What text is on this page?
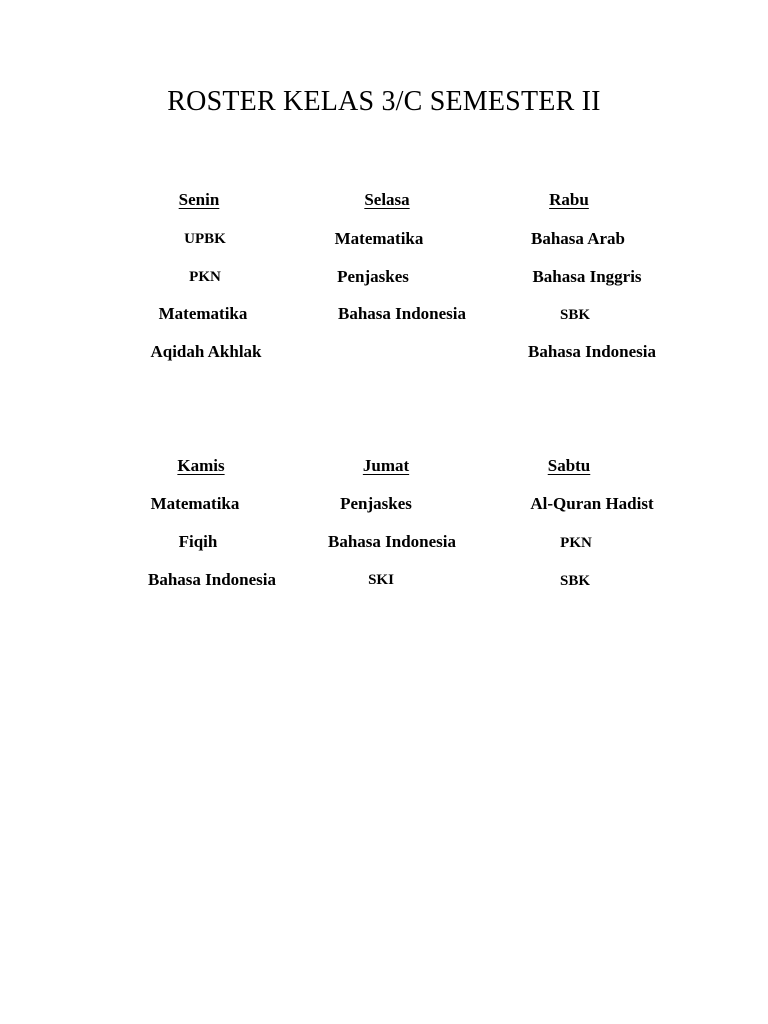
ROSTER KELAS 3/C SEMESTER II
Senin
UPBK
PKN
Matematika
Aqidah Akhlak
Selasa
Matematika
Penjaskes
Bahasa Indonesia
Rabu
Bahasa Arab
Bahasa Inggris
SBK
Bahasa Indonesia
Kamis
Matematika
Fiqih
Bahasa Indonesia
Jumat
Penjaskes
Bahasa Indonesia
SKI
Sabtu
Al-Quran Hadist
PKN
SBK
